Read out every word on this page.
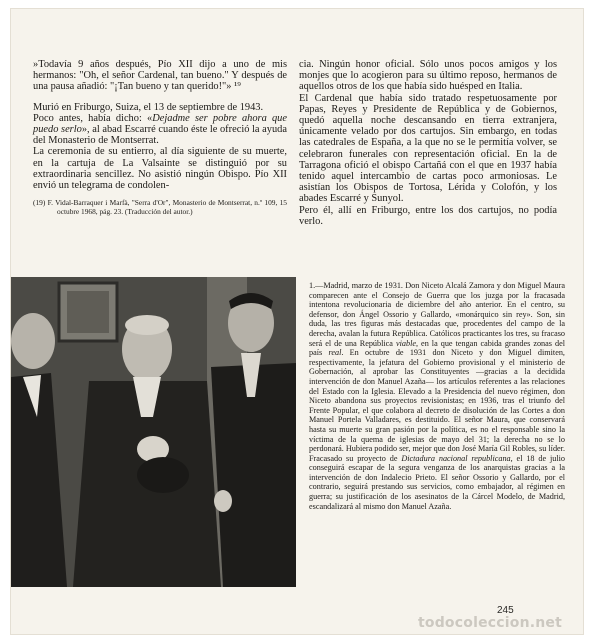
»Todavía 9 años después, Pío XII dijo a uno de mis hermanos: "Oh, el señor Cardenal, tan bueno." Y después de una pausa añadió: "¡Tan bueno y tan querido!"» ¹⁹

Murió en Friburgo, Suiza, el 13 de septiembre de 1943.

Poco antes, había dicho: «Dejadme ser pobre ahora que puedo serlo», al abad Escarré cuando éste le ofreció la ayuda del Monasterio de Montserrat.

La ceremonia de su entierro, al día siguiente de su muerte, en la cartuja de La Valsainte se distinguió por su extraordinaria sencillez. No asistió ningún Obispo. Pío XII envió un telegrama de condolen-

(19) F. Vidal-Barraquer i Marfà, "Serra d'Or", Monasterio de Montserrat, n.º 109, 15 octubre 1968, pág. 23. (Traducción del autor.)

cia. Ningún honor oficial. Sólo unos pocos amigos y los monjes que lo acogieron para su último reposo, hermanos de aquellos otros de los que había sido huésped en Italia.

El Cardenal que había sido tratado respetuosamente por Papas, Reyes y Presidente de República y de Gobiernos, quedó aquella noche descansando en tierra extranjera, únicamente velado por dos cartujos. Sin embargo, en todas las catedrales de España, a la que no se le permitía volver, se celebraron funerales con representación oficial. En la de Tarragona ofició el obispo Cartañá con el que en 1937 había tenido aquel intercambio de cartas poco armoniosas. Le asistían los Obispos de Tortosa, Lérida y Colofón, y los abades Escarré y Sunyol.

Pero él, allí en Friburgo, entre los dos cartujos, no podía verlo.

1.—Madrid, marzo de 1931. Don Niceto Alcalá Zamora y don Miguel Maura comparecen ante el Consejo de Guerra que los juzga por la fracasada intentona revolucionaria de diciembre del año anterior. En el centro, su defensor, don Ángel Ossorio y Gallardo, «monárquico sin rey». Son, sin duda, las tres figuras más destacadas que, procedentes del campo de la derecha, avalan la futura República. Católicos practicantes los tres, su fracaso será el de una República viable, en la que tengan cabida grandes zonas del país real. En octubre de 1931 don Niceto y don Miguel dimiten, respectivamente, la jefatura del Gobierno provisional y el ministerio de Gobernación, al aprobar las Constituyentes —gracias a la decidida intervención de don Manuel Azaña— los artículos referentes a las relaciones del Estado con la Iglesia. Elevado a la Presidencia del nuevo régimen, don Niceto abandona sus proyectos revisionistas; en 1936, tras el triunfo del Frente Popular, el que colabora al decreto de disolución de las Cortes a don Manuel Portela Valladares, es destituido. El señor Maura, que conservará hasta su muerte su gran pasión por la política, es no el responsable sino la víctima de la quema de iglesias de mayo del 31; la derecha no se lo perdonará. Hubiera podido ser, mejor que don José María Gil Robles, su líder. Fracasado su proyecto de Dictadura nacional republicana, el 18 de julio conseguirá escapar de la segura venganza de los anarquistas gracias a la intervención de don Indalecio Prieto. El señor Ossorio y Gallardo, por el contrario, seguirá prestando sus servicios, como embajador, al régimen en guerra; su justificación de los asesinatos de la Cárcel Modelo, de Madrid, escandalizará al mismo don Manuel Azaña.
245
todocoleccion.net
